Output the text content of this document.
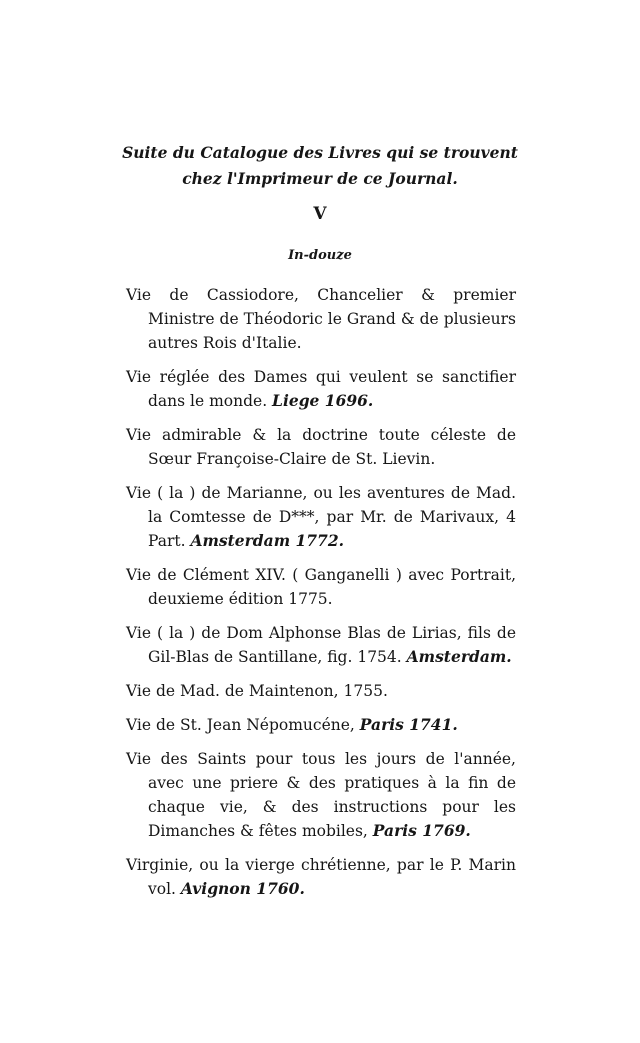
Suite du Catalogue des Livres qui se trouvent
chez l'Imprimeur de ce Journal.
V
In-douze
Vie de Cassiodore, Chancelier & premier Ministre de Théodoric le Grand & de plusieurs autres Rois d'Italie.
Vie réglée des Dames qui veulent se sanctifier dans le monde. Liege 1696.
Vie admirable & la doctrine toute céleste de Sœur Françoise-Claire de St. Lievin.
Vie ( la ) de Marianne, ou les aventures de Mad. la Comtesse de D***, par Mr. de Marivaux, 4 Part. Amsterdam 1772.
Vie de Clément XIV. ( Ganganelli ) avec Portrait, deuxieme édition 1775.
Vie ( la ) de Dom Alphonse Blas de Lirias, fils de Gil-Blas de Santillane, fig. 1754. Amsterdam.
Vie de Mad. de Maintenon, 1755.
Vie de St. Jean Népomucéne, Paris 1741.
Vie des Saints pour tous les jours de l'année, avec une priere & des pratiques à la fin de chaque vie, & des instructions pour les Dimanches & fêtes mobiles, Paris 1769.
Virginie, ou la vierge chrétienne, par le P. Marin vol. Avignon 1760.
